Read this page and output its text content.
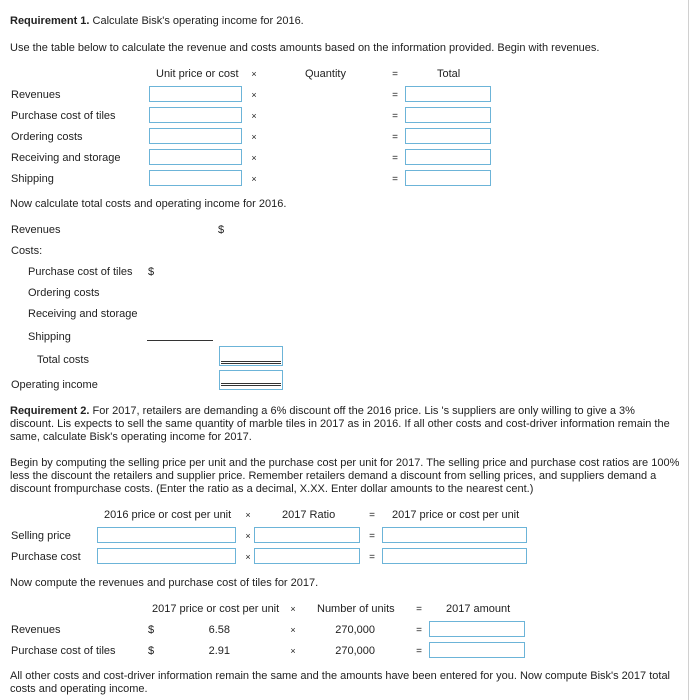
Requirement 1. Calculate Bisk's operating income for 2016.
Use the table below to calculate the revenue and costs amounts based on the information provided. Begin with revenues.
Unit price or cost ×	Quantity	=	Total
Revenues	×	=
Purchase cost of tiles	×	=
Ordering costs	×	=
Receiving and storage	×	=
Shipping	×	=
Now calculate total costs and operating income for 2016.
Revenues	$
Costs:
Purchase cost of tiles $
Ordering costs
Receiving and storage
Shipping
Total costs
Operating income
Requirement 2. For 2017, retailers are demanding a 6% discount off the 2016 price. Lis 's suppliers are only willing to give a 3% discount. Lis expects to sell the same quantity of marble tiles in 2017 as in 2016. If all other costs and cost-driver information remain the same, calculate Bisk's operating income for 2017.
Begin by computing the selling price per unit and the purchase cost per unit for 2017. The selling price and purchase cost ratios are 100% less the discount the retailers and supplier price. Remember retailers demand a discount from selling prices, and suppliers demand a discount frompurchase costs. (Enter the ratio as a decimal, X.XX. Enter dollar amounts to the nearest cent.)
2016 price or cost per unit ×	2017 Ratio	= 2017 price or cost per unit
Selling price	×	=
Purchase cost	×	=
Now compute the revenues and purchase cost of tiles for 2017.
2017 price or cost per unit × Number of units = 2017 amount
Revenues	$	6.58	×	270,000	=
Purchase cost of tiles	$	2.91	×	270,000	=
All other costs and cost-driver information remain the same and the amounts have been entered for you. Now compute Bisk's 2017 total costs and operating income.
